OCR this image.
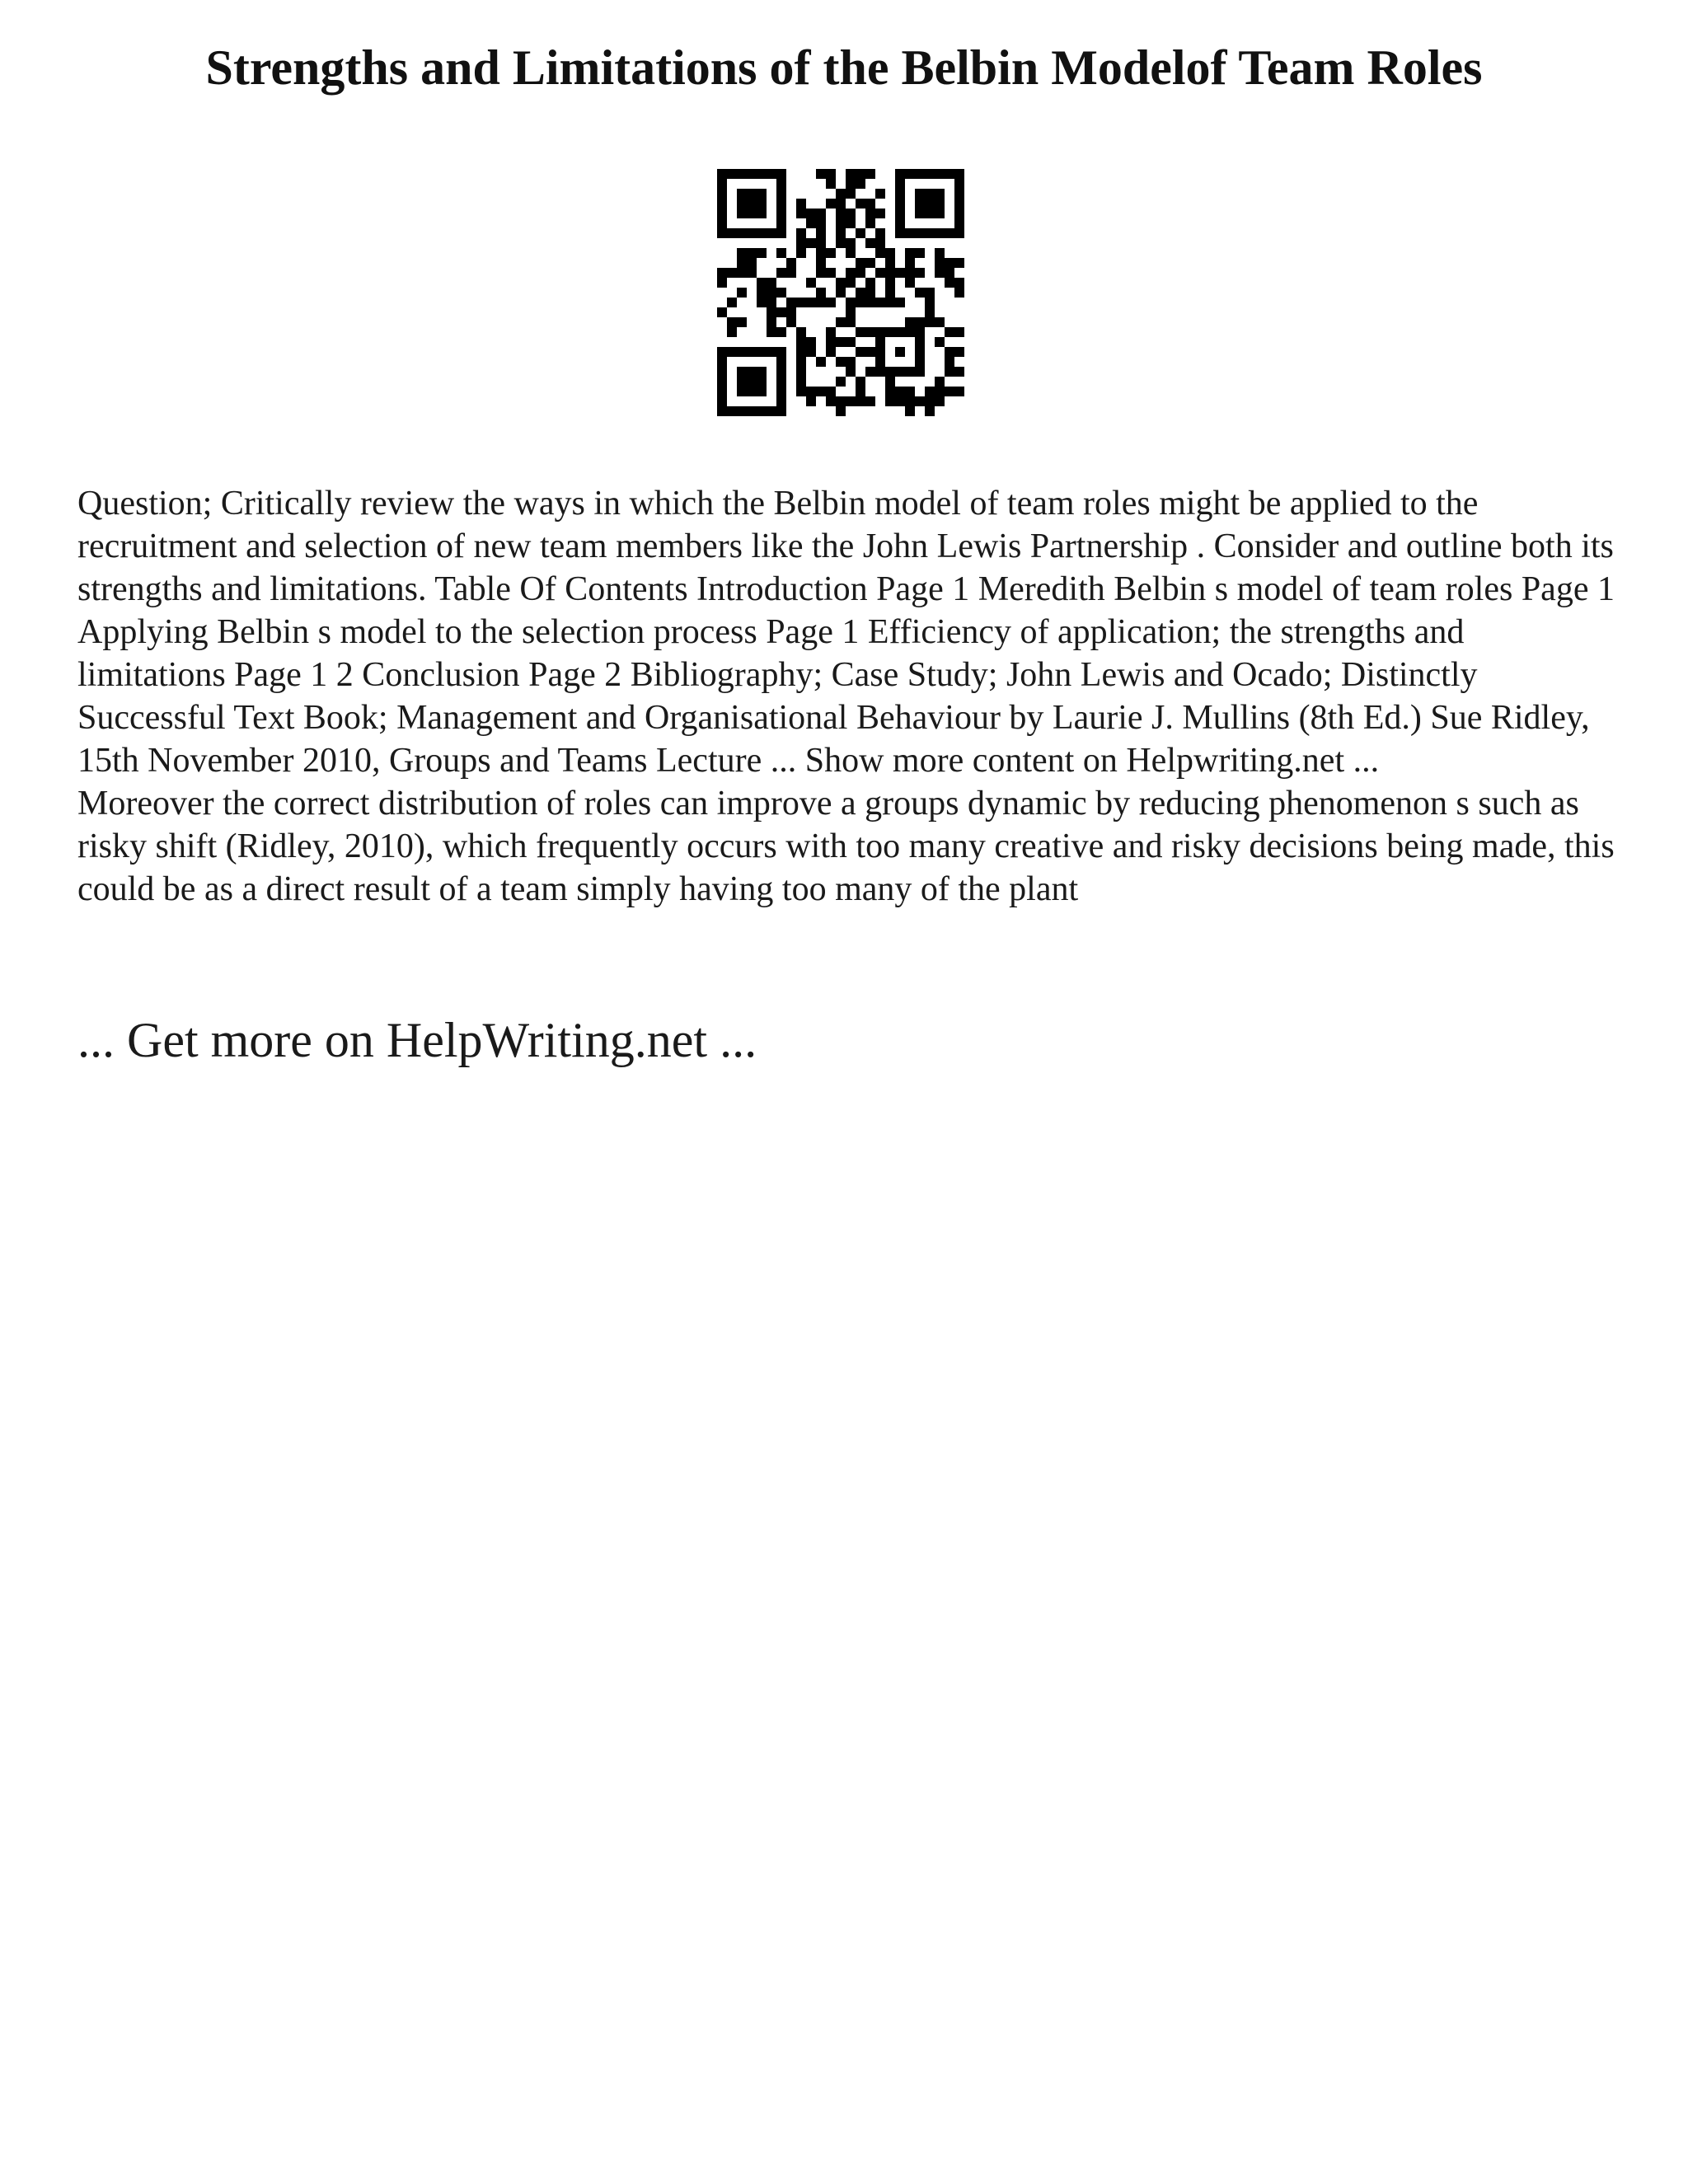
Strengths and Limitations of the Belbin Modelof Team Roles

Question; Critically review the ways in which the Belbin model of team roles might be applied to the recruitment and selection of new team members like the John Lewis Partnership . Consider and outline both its strengths and limitations. Table Of Contents Introduction Page 1 Meredith Belbin s model of team roles Page 1 Applying Belbin s model to the selection process Page 1 Efficiency of application; the strengths and limitations Page 1 2 Conclusion Page 2 Bibliography; Case Study; John Lewis and Ocado; Distinctly Successful Text Book; Management and Organisational Behaviour by Laurie J. Mullins (8th Ed.) Sue Ridley, 15th November 2010, Groups and Teams Lecture ... Show more content on Helpwriting.net ...

Moreover the correct distribution of roles can improve a groups dynamic by reducing phenomenon s such as risky shift (Ridley, 2010), which frequently occurs with too many creative and risky decisions being made, this could be as a direct result of a team simply having too many of the plant

... Get more on HelpWriting.net ...
